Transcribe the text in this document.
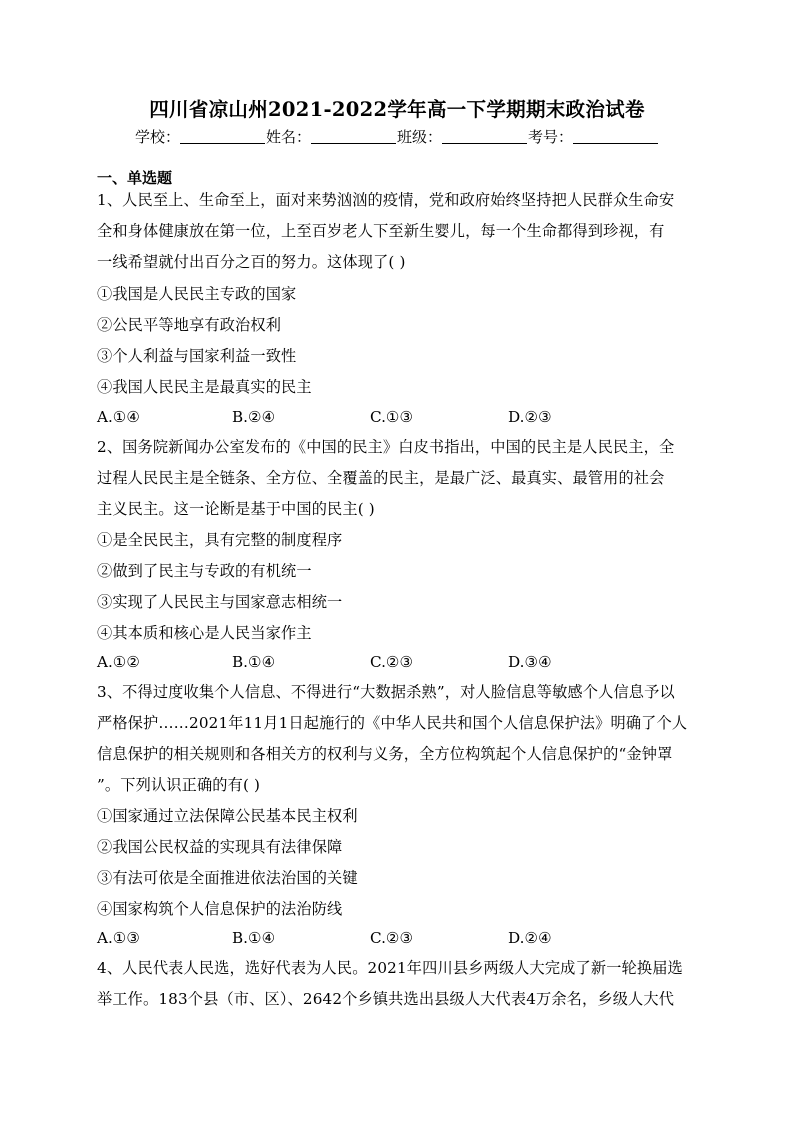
四川省凉山州2021-2022学年高一下学期期末政治试卷
学校：	姓名：	班级：	考号：
一、单选题
1、人民至上、生命至上，面对来势汹汹的疫情，党和政府始终坚持把人民群众生命安
全和身体健康放在第一位，上至百岁老人下至新生婴儿，每一个生命都得到珍视，有
一线希望就付出百分之百的努力。这体现了( )
①我国是人民民主专政的国家
②公民平等地享有政治权利
③个人利益与国家利益一致性
④我国人民民主是最真实的民主
A.①④	B.②④	C.①③	D.②③
2、国务院新闻办公室发布的《中国的民主》白皮书指出，中国的民主是人民民主，全
过程人民民主是全链条、全方位、全覆盖的民主，是最广泛、最真实、最管用的社会
主义民主。这一论断是基于中国的民主( )
①是全民民主，具有完整的制度程序
②做到了民主与专政的有机统一
③实现了人民民主与国家意志相统一
④其本质和核心是人民当家作主
A.①②	B.①④	C.②③	D.③④
3、不得过度收集个人信息、不得进行“大数据杀熟”，对人脸信息等敏感个人信息予以
严格保护……2021年11月1日起施行的《中华人民共和国个人信息保护法》明确了个人
信息保护的相关规则和各相关方的权利与义务，全方位构筑起个人信息保护的“金钟罩
”。下列认识正确的有( )
①国家通过立法保障公民基本民主权利
②我国公民权益的实现具有法律保障
③有法可依是全面推进依法治国的关键
④国家构筑个人信息保护的法治防线
A.①③	B.①④	C.②③	D.②④
4、人民代表人民选，选好代表为人民。2021年四川县乡两级人大完成了新一轮换届选
举工作。183个县（市、区）、2642个乡镇共选出县级人大代表4万余名，乡级人大代
